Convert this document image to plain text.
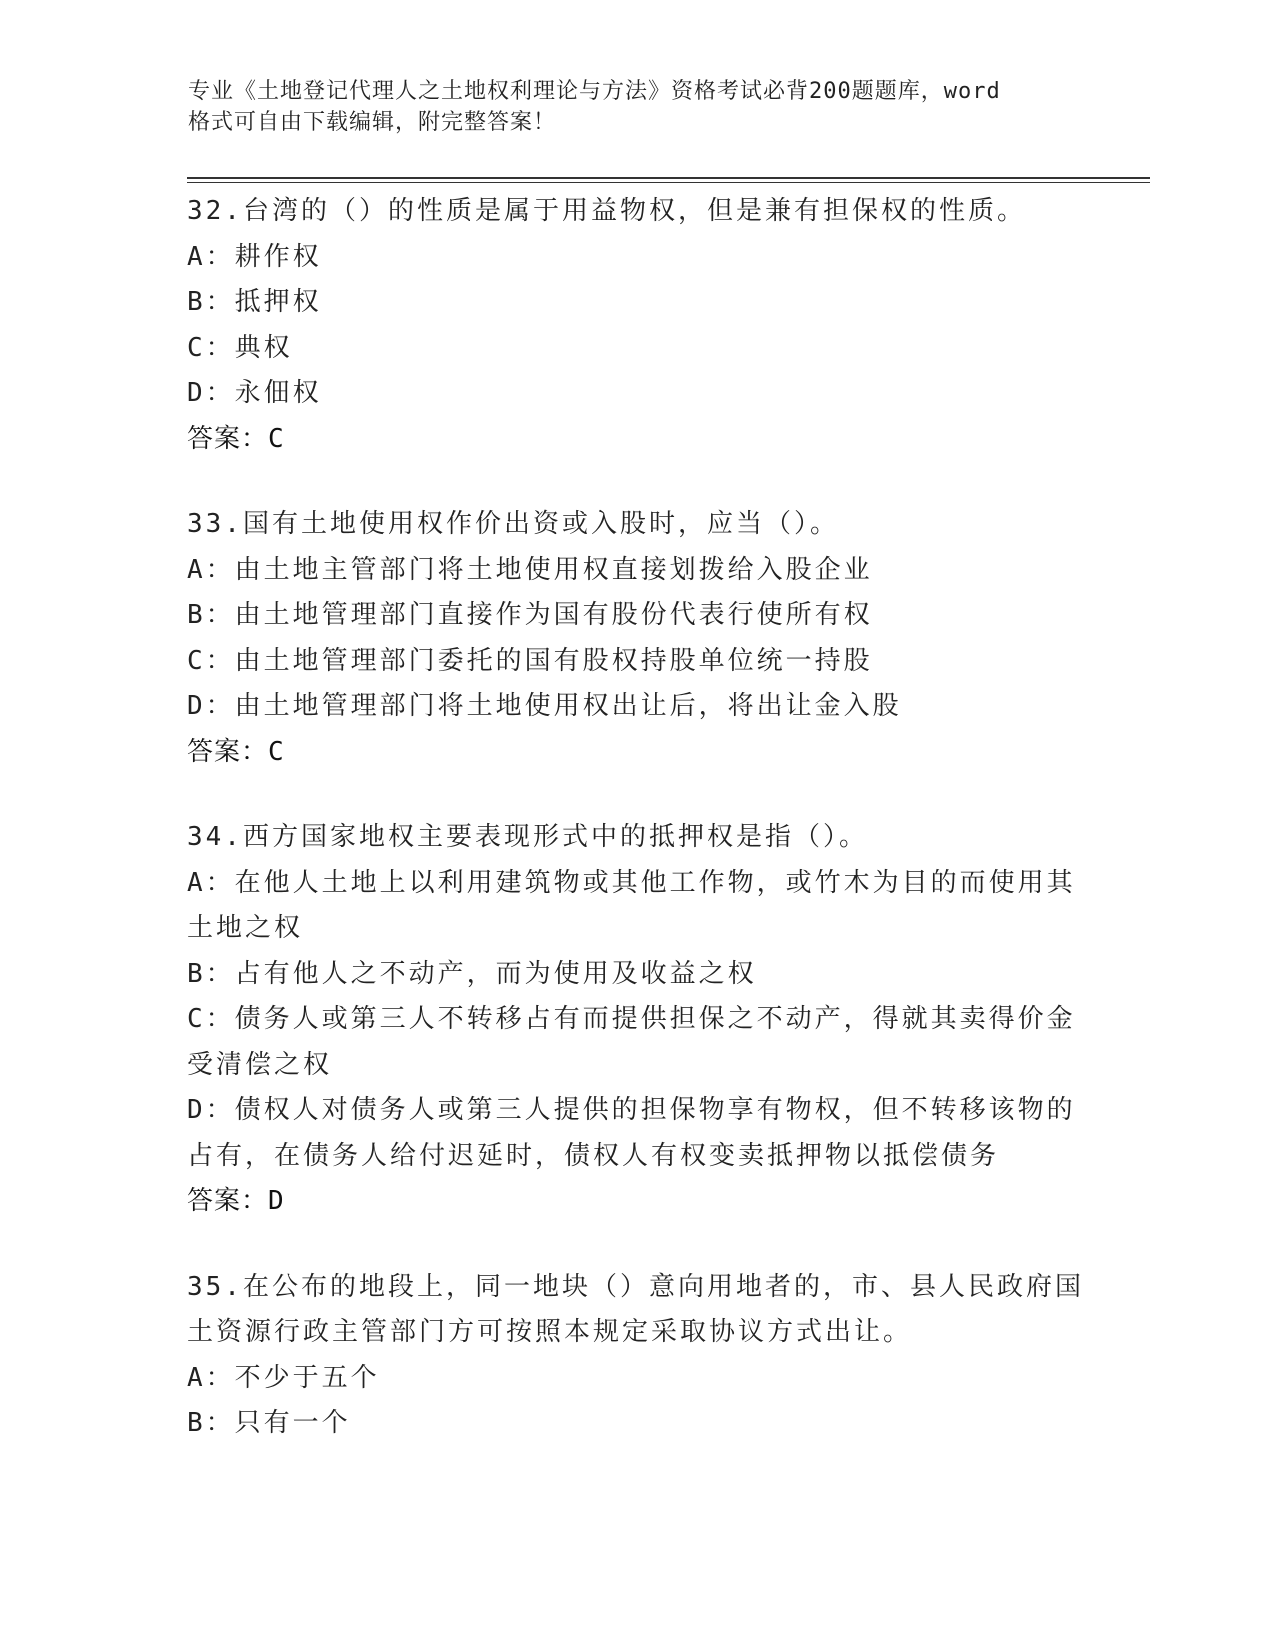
专业《土地登记代理人之土地权利理论与方法》资格考试必背200题题库，word
格式可自由下载编辑，附完整答案！
32.台湾的（）的性质是属于用益物权，但是兼有担保权的性质。
A：耕作权
B：抵押权
C：典权
D：永佃权
答案：C
33.国有土地使用权作价出资或入股时，应当（）。
A：由土地主管部门将土地使用权直接划拨给入股企业
B：由土地管理部门直接作为国有股份代表行使所有权
C：由土地管理部门委托的国有股权持股单位统一持股
D：由土地管理部门将土地使用权出让后，将出让金入股
答案：C
34.西方国家地权主要表现形式中的抵押权是指（）。
A：在他人土地上以利用建筑物或其他工作物，或竹木为目的而使用其
土地之权
B：占有他人之不动产，而为使用及收益之权
C：债务人或第三人不转移占有而提供担保之不动产，得就其卖得价金
受清偿之权
D：债权人对债务人或第三人提供的担保物享有物权，但不转移该物的
占有，在债务人给付迟延时，债权人有权变卖抵押物以抵偿债务
答案：D
35.在公布的地段上，同一地块（）意向用地者的，市、县人民政府国
土资源行政主管部门方可按照本规定采取协议方式出让。
A：不少于五个
B：只有一个
